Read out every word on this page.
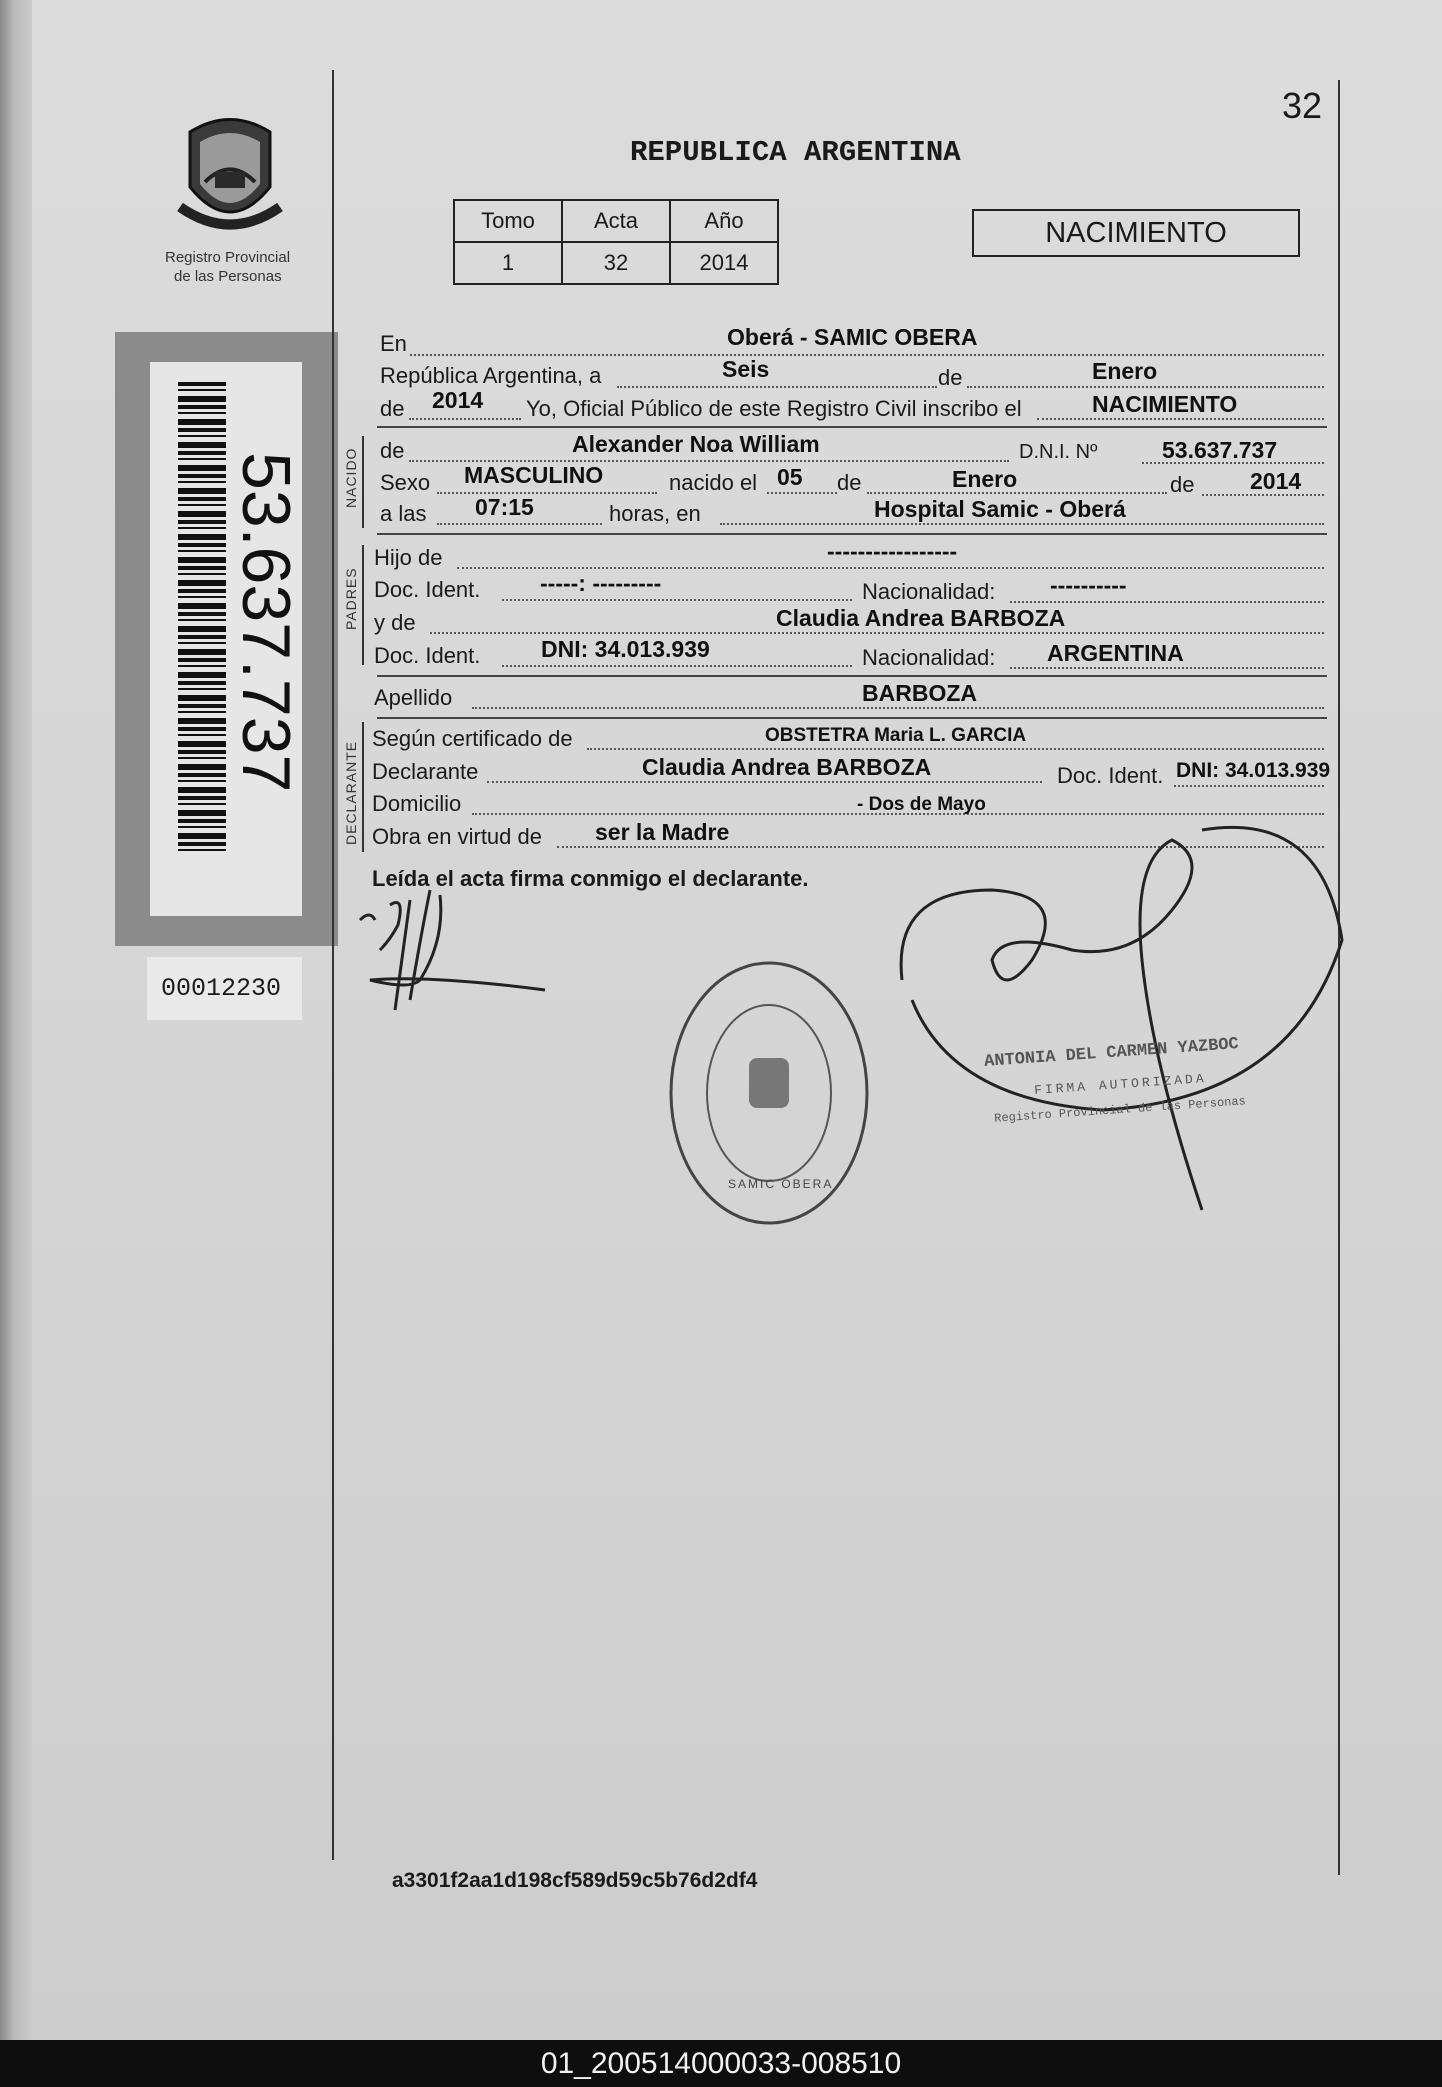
32
Registro Provincial
de las Personas
REPUBLICA ARGENTINA
Tomo	Acta	Año
1	32	2014
NACIMIENTO
53.637.737
00012230
NACIDO
PADRES
DECLARANTE
En	Oberá - SAMIC OBERA
República Argentina, a	Seis	de	Enero
de 2014 Yo, Oficial Público de este Registro Civil inscribo el	NACIMIENTO
de	Alexander Noa William	D.N.I. Nº	53.637.737
Sexo MASCULINO	nacido el 05 de	Enero	de 2014
a las 07:15	horas, en	Hospital Samic - Oberá
Hijo de	-----------------
Doc. Ident.	-----: ---------	Nacionalidad: ----------
y de	Claudia Andrea BARBOZA
Doc. Ident.	DNI: 34.013.939	Nacionalidad: ARGENTINA
Apellido	BARBOZA
Según certificado de	OBSTETRA Maria L. GARCIA
Declarante	Claudia Andrea BARBOZA	Doc. Ident. DNI: 34.013.939
Domicilio	- Dos de Mayo
Obra en virtud de ser la Madre
Leída el acta firma conmigo el declarante.
SAMIC OBERA
ANTONIA DEL CARMEN YAZBOC
FIRMA AUTORIZADA
Registro Provincial de las Personas
a3301f2aa1d198cf589d59c5b76d2df4
01_200514000033-008510
